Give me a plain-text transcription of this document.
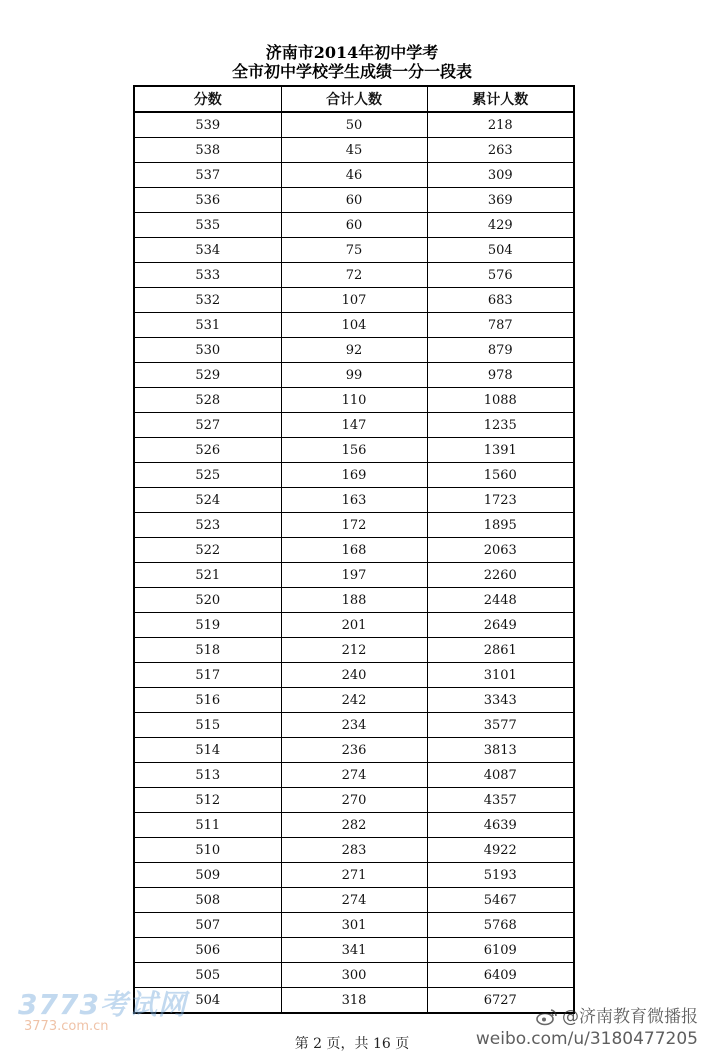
济南市2014年初中学考
全市初中学校学生成绩一分一段表
分数	合计人数	累计人数
539	50	218
538	45	263
537	46	309
536	60	369
535	60	429
534	75	504
533	72	576
532	107	683
531	104	787
530	92	879
529	99	978
528	110	1088
527	147	1235
526	156	1391
525	169	1560
524	163	1723
523	172	1895
522	168	2063
521	197	2260
520	188	2448
519	201	2649
518	212	2861
517	240	3101
516	242	3343
515	234	3577
514	236	3813
513	274	4087
512	270	4357
511	282	4639
510	283	4922
509	271	5193
508	274	5467
507	301	5768
506	341	6109
505	300	6409
504	318	6727
第 2 页，共 16 页
3773考试网
3773.com.cn	@济南教育微播报
weibo.com/u/3180477205
